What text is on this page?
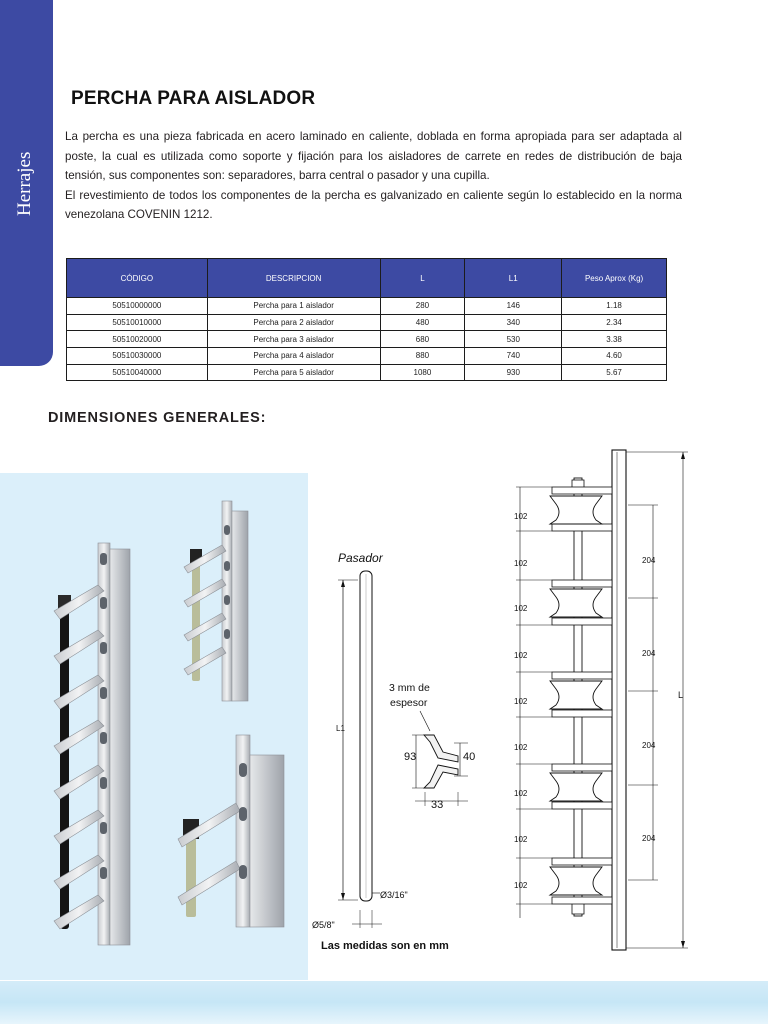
Herrajes
PERCHA PARA AISLADOR

La percha es una pieza fabricada en acero laminado en caliente, doblada en forma apropiada para ser adaptada al poste, la cual es utilizada como soporte y fijación para los aisladores de carrete en redes de distribución de baja tensión, sus componentes son: separadores, barra central o pasador y una cupilla.

El revestimiento de todos los componentes de la percha es galvanizado en caliente según lo establecido en la norma venezolana COVENIN 1212.

CÓDIGO	DESCRIPCION	L	L1	Peso Aprox (Kg)
50510000000	Percha para 1 aislador	280	146	1.18
50510010000	Percha para 2 aislador	480	340	2.34
50510020000	Percha para 3 aislador	680	530	3.38
50510030000	Percha para 4 aislador	880	740	4.60
50510040000	Percha para 5 aislador	1080	930	5.67
DIMENSIONES GENERALES:
Pasador
L1
Ø3/16"
Ø5/8"
Las medidas son en mm
3 mm de
espesor
93	40
33
102
102
102
102
102
102
102
102
102
204
204
204
204
L
